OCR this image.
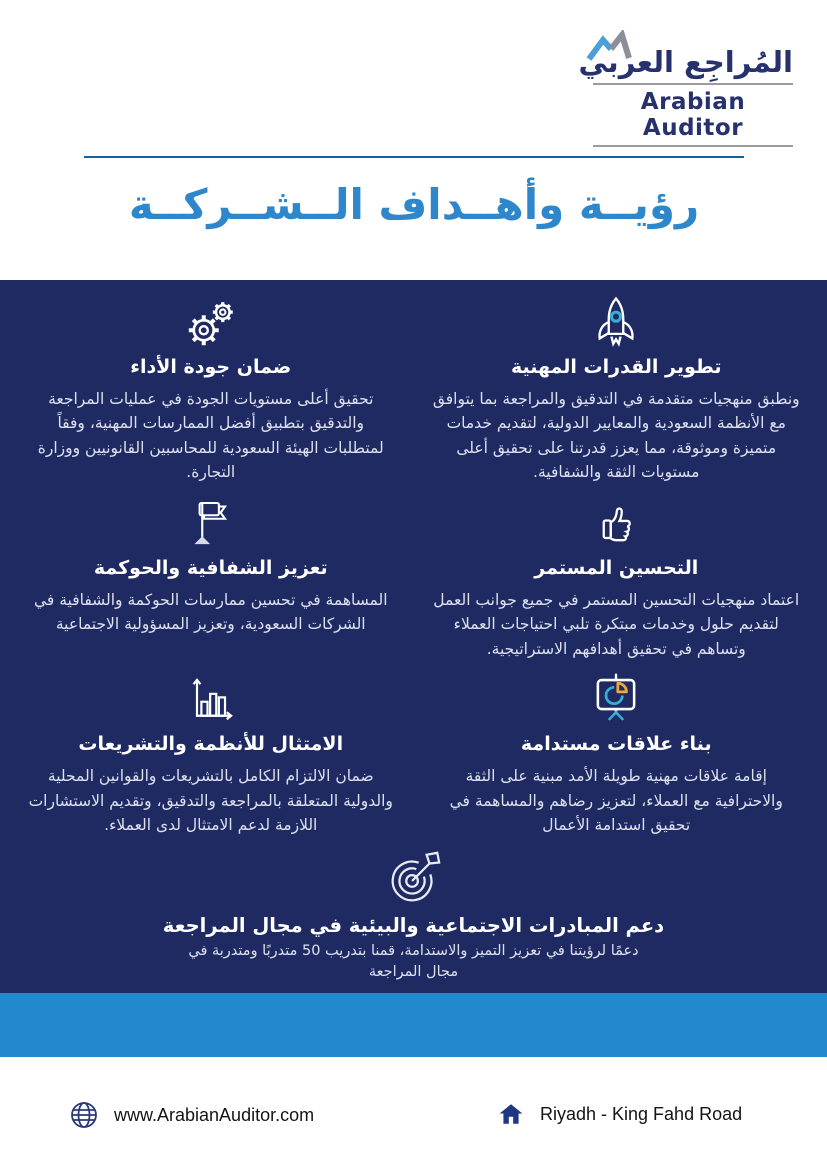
المُراجِع العربي
Arabian Auditor
رؤيــة وأهــداف الــشــركــة
تطوير القدرات المهنية

ونطبق منهجيات متقدمة في التدقيق والمراجعة بما يتوافق مع الأنظمة السعودية والمعايير الدولية، لتقديم خدمات متميزة وموثوقة، مما يعزز قدرتنا على تحقيق أعلى مستويات الثقة والشفافية.

ضمان جودة الأداء

تحقيق أعلى مستويات الجودة في عمليات المراجعة والتدقيق بتطبيق أفضل الممارسات المهنية، وفقاً لمتطلبات الهيئة السعودية للمحاسبين القانونيين ووزارة التجارة.

التحسين المستمر

اعتماد منهجيات التحسين المستمر في جميع جوانب العمل لتقديم حلول وخدمات مبتكرة تلبي احتياجات العملاء وتساهم في تحقيق أهدافهم الاستراتيجية.

تعزيز الشفافية والحوكمة

المساهمة في تحسين ممارسات الحوكمة والشفافية في الشركات السعودية، وتعزيز المسؤولية الاجتماعية

بناء علاقات مستدامة

إقامة علاقات مهنية طويلة الأمد مبنية على الثقة والاحترافية مع العملاء، لتعزيز رضاهم والمساهمة في تحقيق استدامة الأعمال

الامتثال للأنظمة والتشريعات

ضمان الالتزام الكامل بالتشريعات والقوانين المحلية والدولية المتعلقة بالمراجعة والتدقيق، وتقديم الاستشارات اللازمة لدعم الامتثال لدى العملاء.

دعم المبادرات الاجتماعية والبيئية في مجال المراجعة

دعمًا لرؤيتنا في تعزيز التميز والاستدامة، قمنا بتدريب 50 متدربًا ومتدربة في مجال المراجعة

www.ArabianAuditor.com	Riyadh - King Fahd Road
